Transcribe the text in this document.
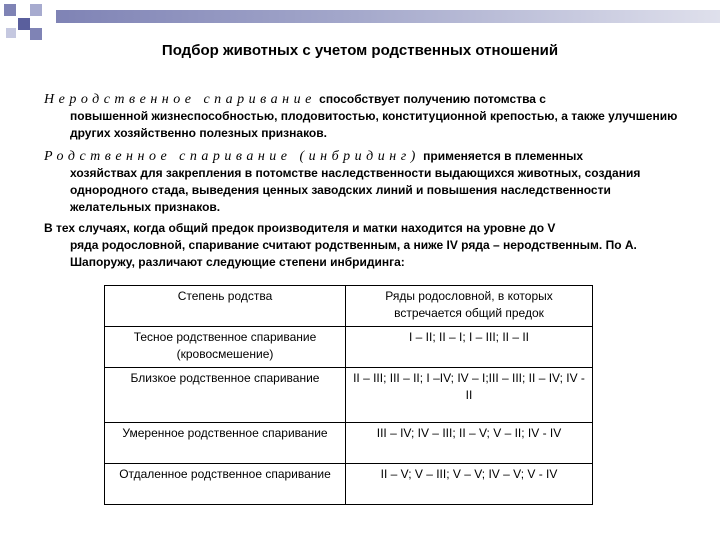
Подбор животных с учетом родственных отношений
Неродственное спаривание способствует получению потомства с
повышенной жизнеспособностью, плодовитостью, конституционной крепостью, а также улучшению других хозяйственно полезных признаков.
Родственное спаривание (инбридинг) применяется в племенных
хозяйствах для закрепления в потомстве наследственности выдающихся животных, создания однородного стада, выведения ценных заводских линий и повышения наследственности желательных признаков.
В тех случаях, когда общий предок производителя и матки находится на уровне до V
ряда родословной, спаривание считают родственным, а ниже IV ряда – неродственным. По А. Шапоружу, различают следующие степени инбридинга:
Степень родства	Ряды родословной, в которых встречается общий предок
Тесное родственное спаривание (кровосмешение)	I – II; II – I; I – III; II – II
Близкое родственное спаривание	II – III; III – II; I –IV; IV – I;III – III; II – IV; IV - II
Умеренное родственное спаривание	III – IV; IV – III; II – V; V – II; IV - IV
Отдаленное родственное спаривание	II – V; V – III; V – V; IV – V; V - IV
